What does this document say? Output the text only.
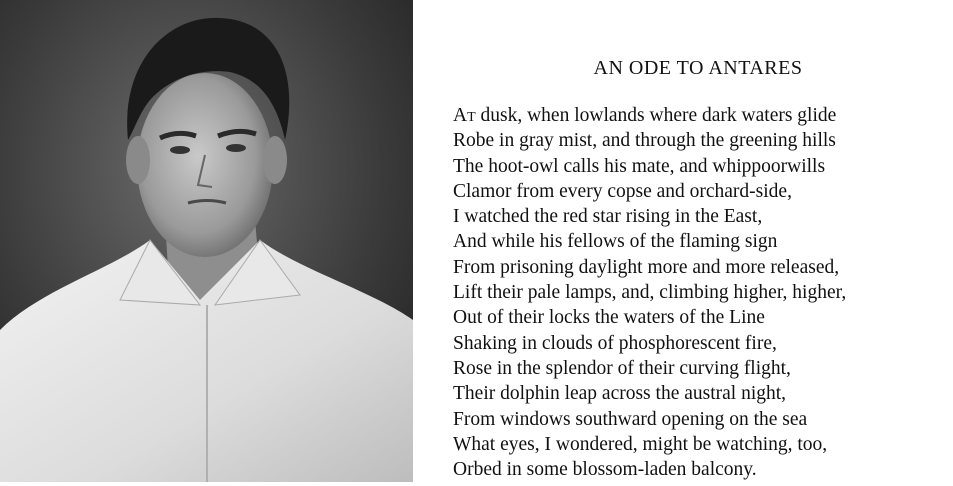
AN ODE TO ANTARES
At dusk, when lowlands where dark waters glide
Robe in gray mist, and through the greening hills
The hoot-owl calls his mate, and whippoorwills
Clamor from every copse and orchard-side,
I watched the red star rising in the East,
And while his fellows of the flaming sign
From prisoning daylight more and more released,
Lift their pale lamps, and, climbing higher, higher,
Out of their locks the waters of the Line
Shaking in clouds of phosphorescent fire,
Rose in the splendor of their curving flight,
Their dolphin leap across the austral night,
From windows southward opening on the sea
What eyes, I wondered, might be watching, too,
Orbed in some blossom-laden balcony.
